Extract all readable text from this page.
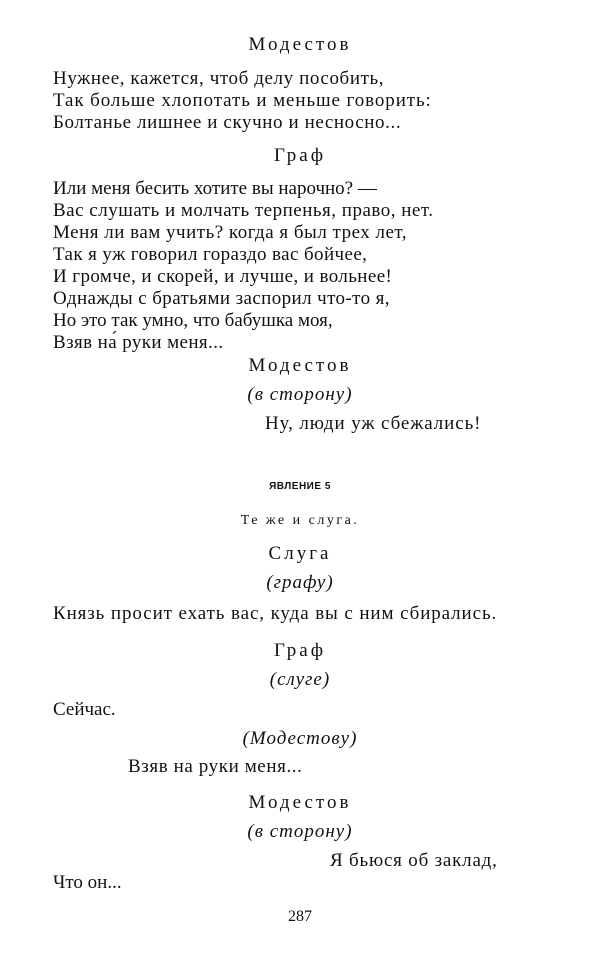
Модестов
Нужнее, кажется, чтоб делу пособить,
Так больше хлопотать и меньше говорить:
Болтанье лишнее и скучно и несносно...
Граф
Или меня бесить хотите вы нарочно? —
Вас слушать и молчать терпенья, право, нет.
Меня ли вам учить? когда я был трех лет,
Так я уж говорил гораздо вас бойчее,
И громче, и скорей, и лучше, и вольнее!
Однажды с братьями заспорил что-то я,
Но это так умно, что бабушка моя,
Взяв на́ руки меня...
Модестов
(в сторону)
Ну, люди уж сбежались!
ЯВЛЕНИЕ 5
Те же и слуга.
Слуга
(графу)
Князь просит ехать вас, куда вы с ним сбирались.
Граф
(слуге)
Сейчас.
(Модестову)
Взяв на руки меня...
Модестов
(в сторону)
Я бьюся об заклад,
Что он...
287
